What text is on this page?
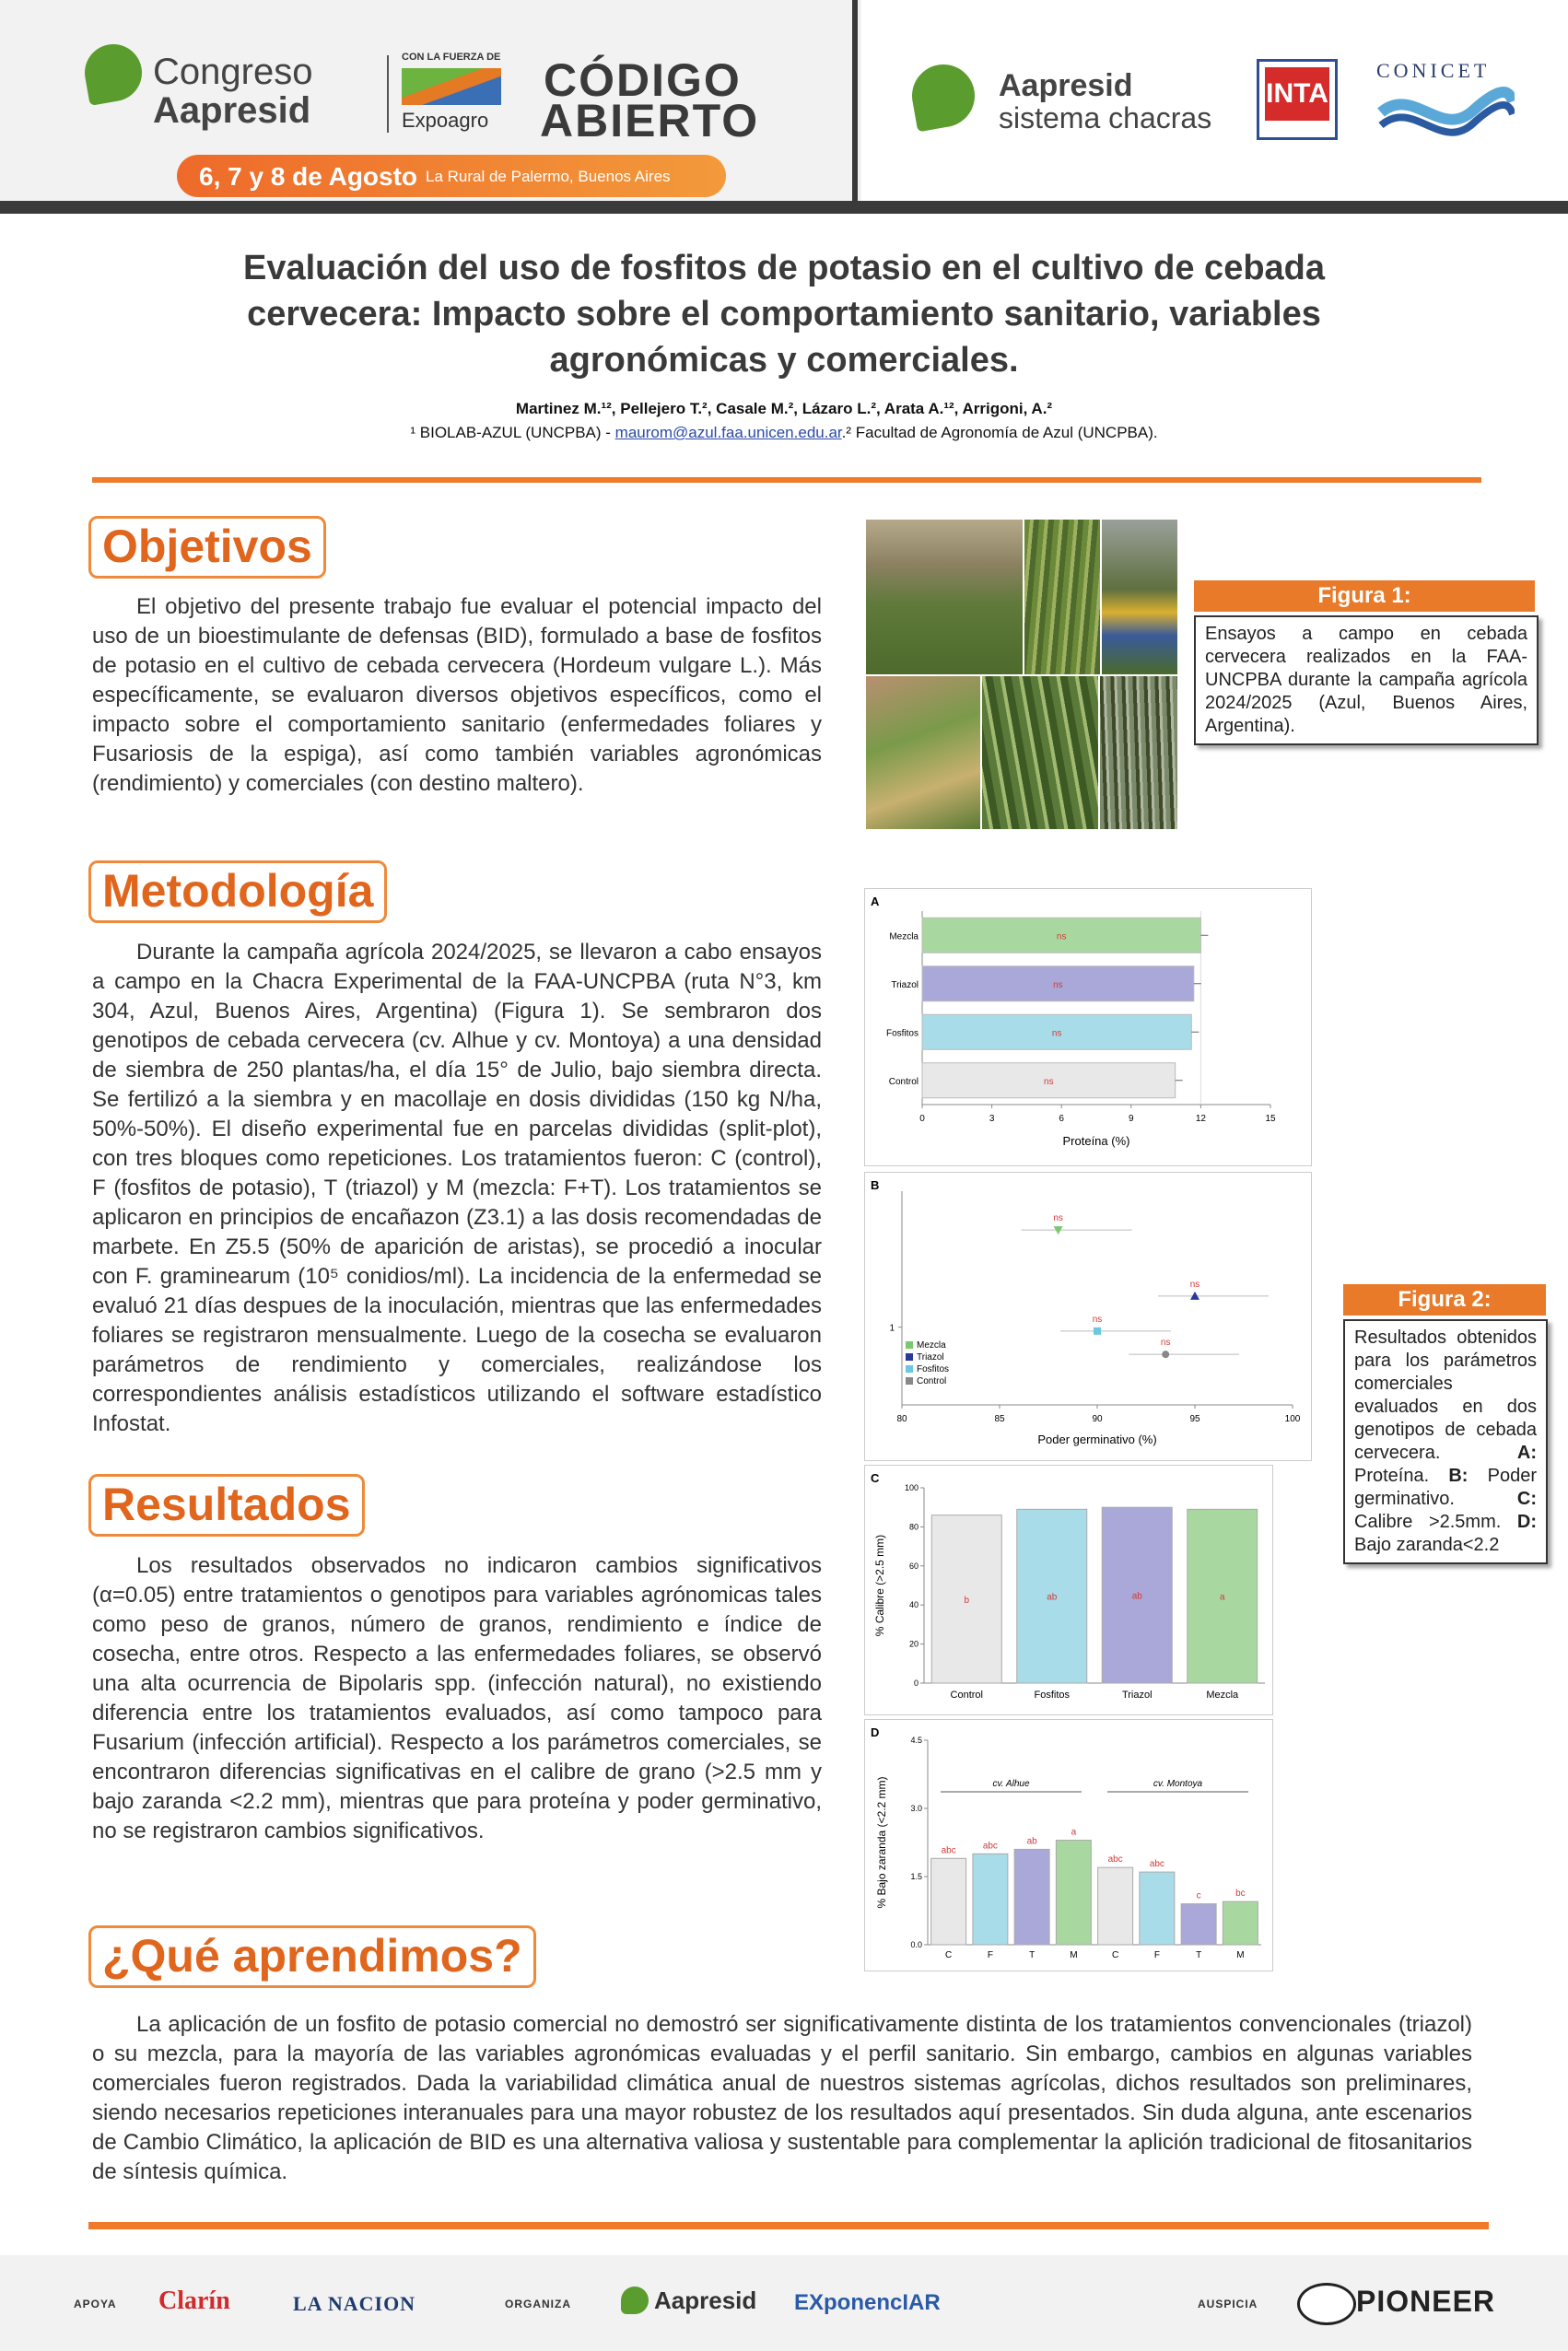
Congreso
Aapresid
CON LA FUERZA DE
Expoagro
CÓDIGO
ABIERTO
6, 7 y 8 de Agosto La Rural de Palermo, Buenos Aires
Aapresid
sistema chacras
INTA
CONICET
Evaluación del uso de fosfitos de potasio en el cultivo de cebada cervecera: Impacto sobre el comportamiento sanitario, variables agronómicas y comerciales.
Martinez M.¹², Pellejero T.², Casale M.², Lázaro L.², Arata A.¹², Arrigoni, A.²
¹ BIOLAB-AZUL (UNCPBA) - maurom@azul.faa.unicen.edu.ar.² Facultad de Agronomía de Azul (UNCPBA).
Objetivos

El objetivo del presente trabajo fue evaluar el potencial impacto del uso de un bioestimulante de defensas (BID), formulado a base de fosfitos de potasio en el cultivo de cebada cervecera (Hordeum vulgare L.). Más específicamente, se evaluaron diversos objetivos específicos, como el impacto sobre el comportamiento sanitario (enfermedades foliares y Fusariosis de la espiga), así como también variables agronómicas (rendimiento) y comerciales (con destino maltero).

Figura 1:
Ensayos a campo en cebada cervecera realizados en la FAA-UNCPBA durante la campaña agrícola 2024/2025 (Azul, Buenos Aires, Argentina).
Metodología

Durante la campaña agrícola 2024/2025, se llevaron a cabo ensayos a campo en la Chacra Experimental de la FAA-UNCPBA (ruta N°3, km 304, Azul, Buenos Aires, Argentina) (Figura 1). Se sembraron dos genotipos de cebada cervecera (cv. Alhue y cv. Montoya) a una densidad de siembra de 250 plantas/ha, el día 15° de Julio, bajo siembra directa. Se fertilizó a la siembra y en macollaje en dosis divididas (150 kg N/ha, 50%-50%). El diseño experimental fue en parcelas divididas (split-plot), con tres bloques como repeticiones. Los tratamientos fueron: C (control), F (fosfitos de potasio), T (triazol) y M (mezcla: F+T). Los tratamientos se aplicaron en principios de encañazon (Z3.1) a las dosis recomendadas de marbete. En Z5.5 (50% de aparición de aristas), se procedió a inocular con F. graminearum (10⁵ conidios/ml). La incidencia de la enfermedad se evaluó 21 días despues de la inoculación, mientras que las enfermedades foliares se registraron mensualmente. Luego de la cosecha se evaluaron parámetros de rendimiento y comerciales, realizándose los correspondientes análisis estadísticos utilizando el software estadístico Infostat.

Resultados

Los resultados observados no indicaron cambios significativos (α=0.05) entre tratamientos o genotipos para variables agrónomicas tales como peso de granos, número de granos, rendimiento e índice de cosecha, entre otros. Respecto a las enfermedades foliares, se observó una alta ocurrencia de Bipolaris spp. (infección natural), no existiendo diferencia entre los tratamientos evaluados, así como tampoco para Fusarium (infección artificial). Respecto a los parámetros comerciales, se encontraron diferencias significativas en el calibre de grano (>2.5 mm y bajo zaranda <2.2 mm), mientras que para proteína y poder germinativo, no se registraron cambios significativos.

¿Qué aprendimos?

La aplicación de un fosfito de potasio comercial no demostró ser significativamente distinta de los tratamientos convencionales (triazol) o su mezcla, para la mayoría de las variables agronómicas evaluadas y el perfil sanitario. Sin embargo, cambios en algunas variables comerciales fueron registrados. Dada la variabilidad climática anual de nuestros sistemas agrícolas, dichos resultados son preliminares, siendo necesarios repeticiones interanuales para una mayor robustez de los resultados aquí presentados. Sin duda alguna, ante escenarios de Cambio Climático, la aplicación de BID es una alternativa valiosa y sustentable para complementar la aplición tradicional de fitosanitarios de síntesis química.

A
Mezcla	ns
Triazol	ns
Fosfitos	ns
Control	ns
0	3	6	9	12	15
Proteína (%)
B
1
ns
ns
ns
ns
80	85	90	95	100
Poder germinativo (%)
Mezcla
Triazol
Fosfitos
Control
C
0
20
40
60
80
100
b
Control
ab
Fosfitos
ab
Triazol
a
Mezcla
% Calibre (>2.5 mm)
D
0.0
1.5
3.0
4.5
abc
C
abc
F
ab
T
a
M
abc
C
abc
F
c
T
bc
M
cv. Alhue	cv. Montoya
% Bajo zaranda (<2.2 mm)
Figura 2:
Resultados obtenidos para los parámetros comerciales evaluados en dos genotipos de cebada cervecera. A: Proteína. B: Poder germinativo. C: Calibre >2.5mm. D: Bajo zaranda<2.2
APOYA Clarín	LA NACION	ORGANIZA	Aapresid EXponencIAR	AUSPICIA	PIONEER
